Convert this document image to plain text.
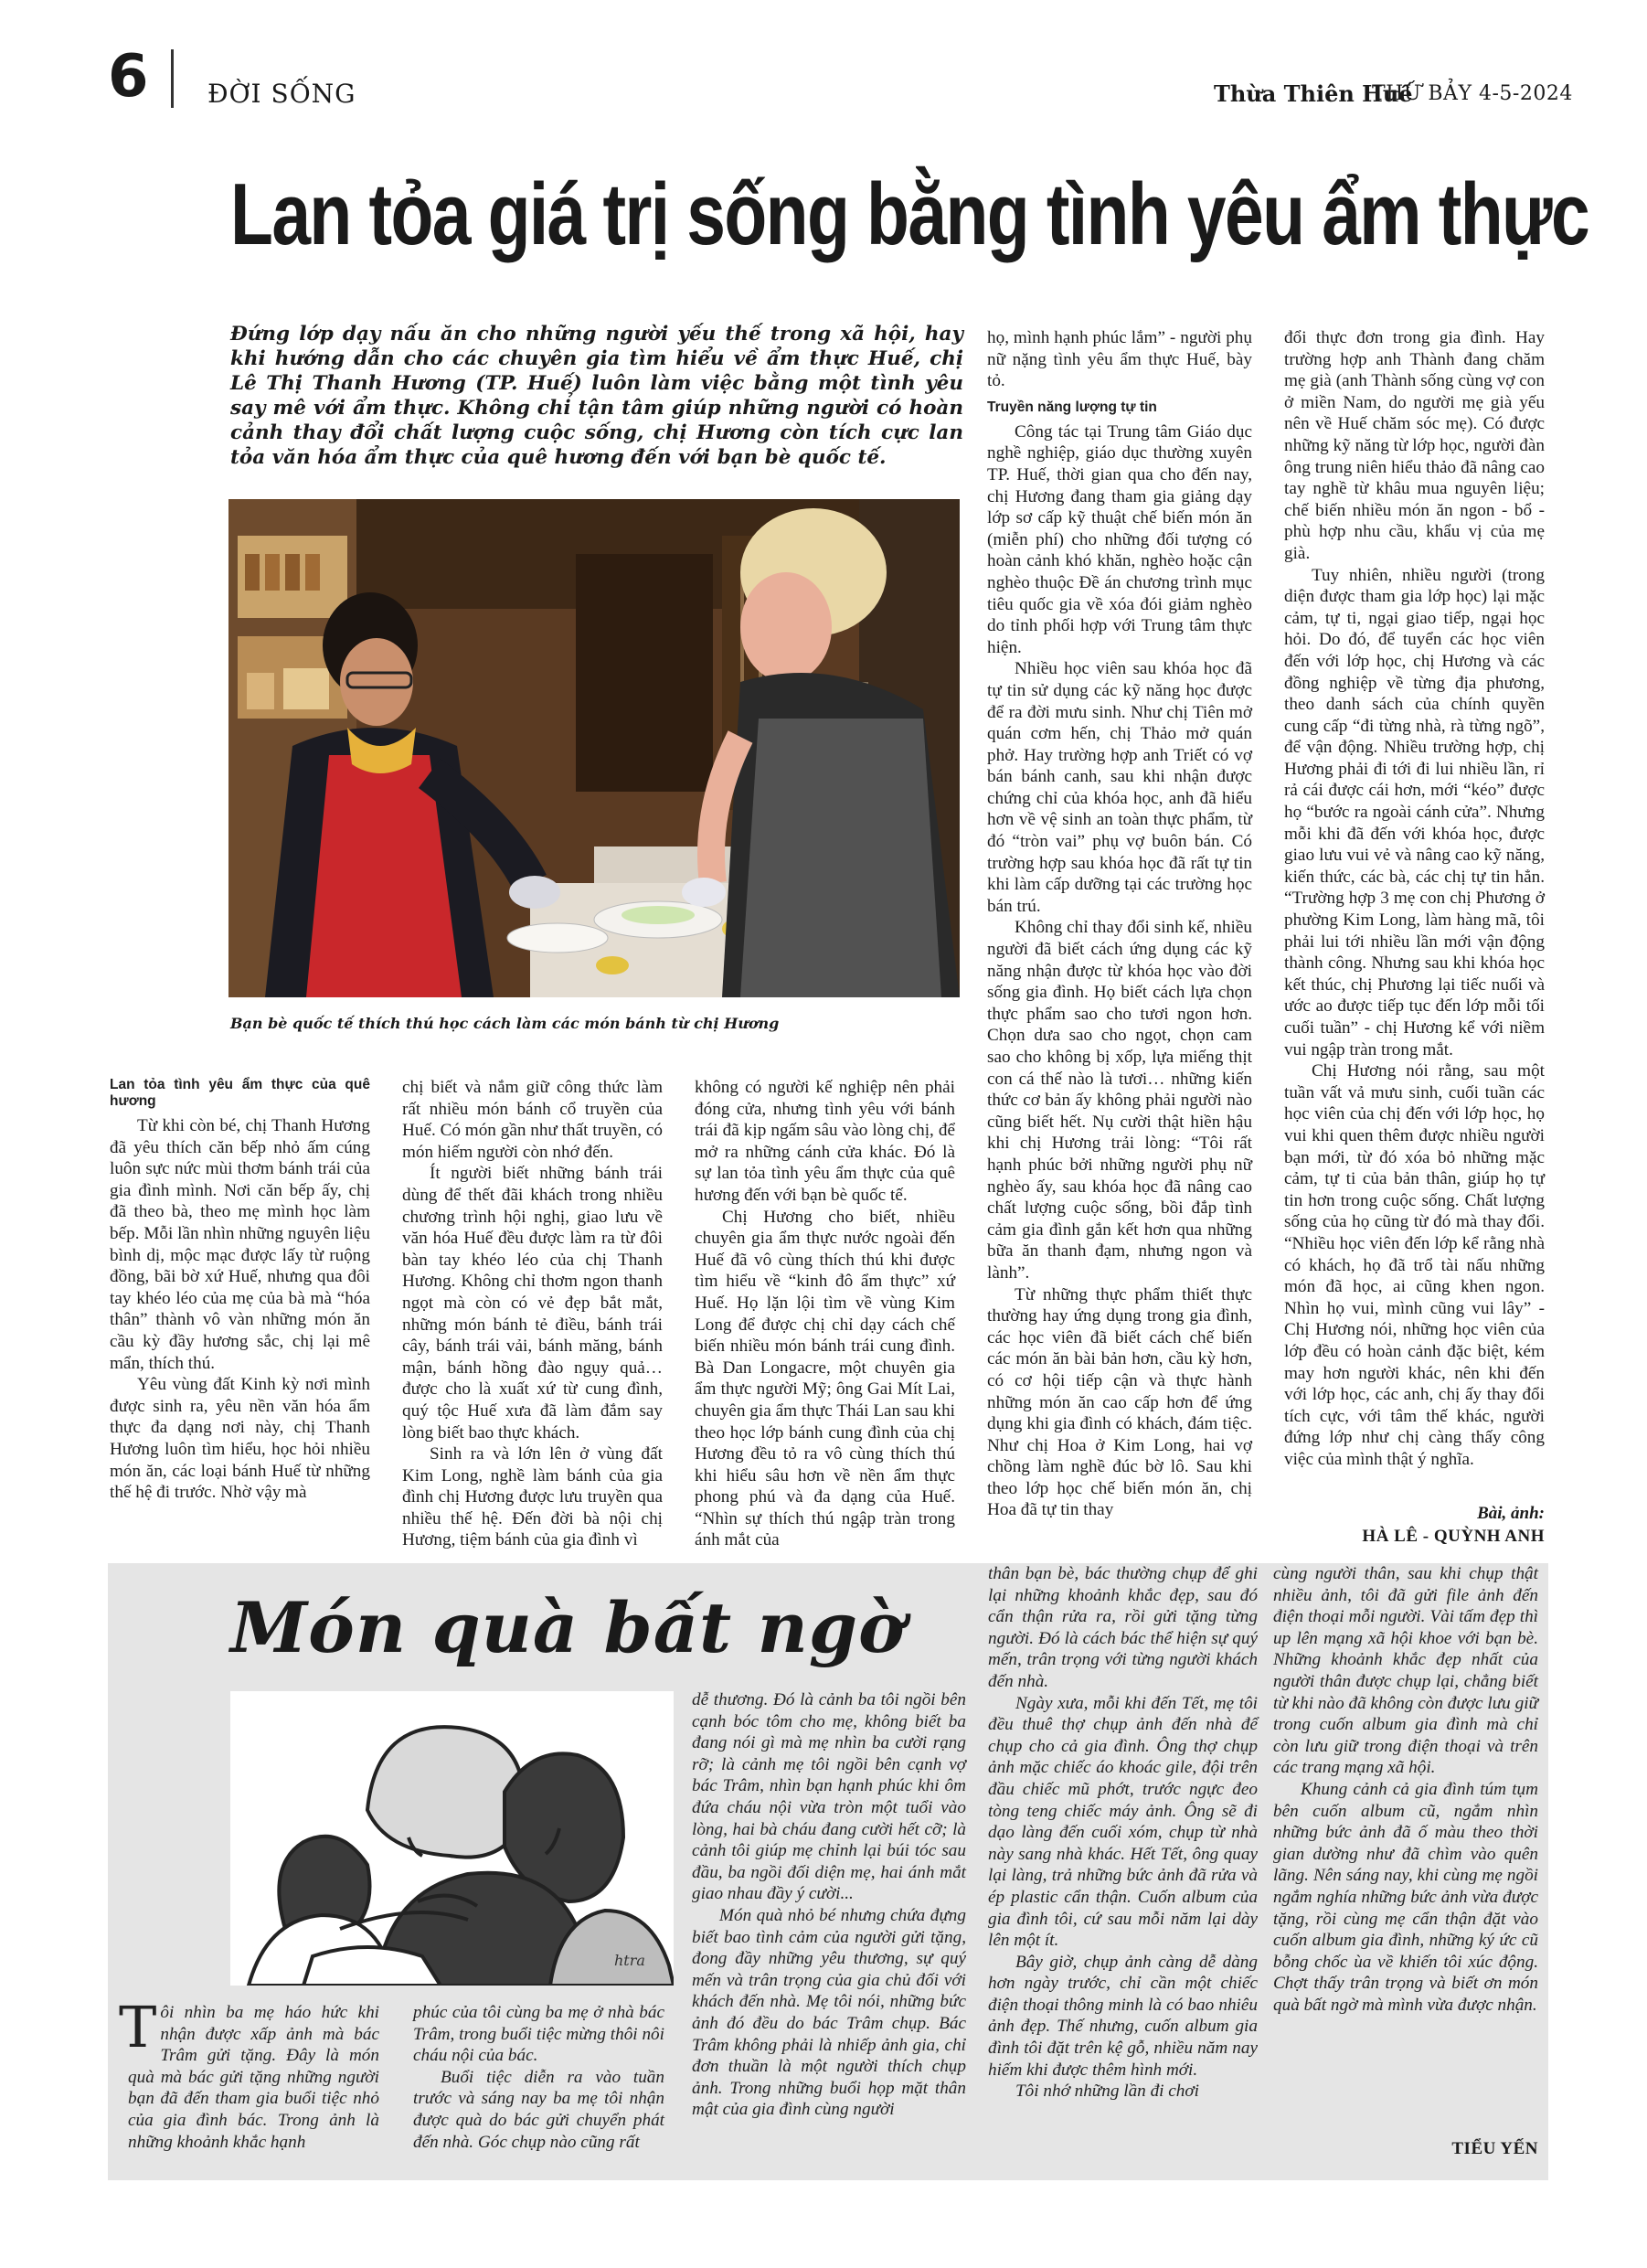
6 ĐỜI SỐNG	Thừa Thiên Huế
THỨ BẢY 4-5-2024
Lan tỏa giá trị sống bằng tình yêu ẩm thực
Đứng lớp dạy nấu ăn cho những người yếu thế trong xã hội, hay khi hướng dẫn cho các chuyên gia tìm hiểu về ẩm thực Huế, chị Lê Thị Thanh Hương (TP. Huế) luôn làm việc bằng một tình yêu say mê với ẩm thực. Không chỉ tận tâm giúp những người có hoàn cảnh thay đổi chất lượng cuộc sống, chị Hương còn tích cực lan tỏa văn hóa ẩm thực của quê hương đến với bạn bè quốc tế.
Bạn bè quốc tế thích thú học cách làm các món bánh từ chị Hương
Lan tỏa tình yêu ẩm thực của quê hương

Từ khi còn bé, chị Thanh Hương đã yêu thích căn bếp nhỏ ấm cúng luôn sực nức mùi thơm bánh trái của gia đình mình. Nơi căn bếp ấy, chị đã theo bà, theo mẹ mình học làm bếp. Mỗi lần nhìn những nguyên liệu bình dị, mộc mạc được lấy từ ruộng đồng, bãi bờ xứ Huế, nhưng qua đôi tay khéo léo của mẹ của bà mà “hóa thân” thành vô vàn những món ăn cầu kỳ đầy hương sắc, chị lại mê mẩn, thích thú.

Yêu vùng đất Kinh kỳ nơi mình được sinh ra, yêu nền văn hóa ẩm thực đa dạng nơi này, chị Thanh Hương luôn tìm hiểu, học hỏi nhiều món ăn, các loại bánh Huế từ những thế hệ đi trước. Nhờ vậy mà

chị biết và nắm giữ công thức làm rất nhiều món bánh cổ truyền của Huế. Có món gần như thất truyền, có món hiếm người còn nhớ đến.

Ít người biết những bánh trái dùng để thết đãi khách trong nhiều chương trình hội nghị, giao lưu về văn hóa Huế đều được làm ra từ đôi bàn tay khéo léo của chị Thanh Hương. Không chỉ thơm ngon thanh ngọt mà còn có vẻ đẹp bắt mắt, những món bánh tẻ điều, bánh trái cây, bánh trái vải, bánh măng, bánh mận, bánh hồng đào ngụy quả… được cho là xuất xứ từ cung đình, quý tộc Huế xưa đã làm đắm say lòng biết bao thực khách.

Sinh ra và lớn lên ở vùng đất Kim Long, nghề làm bánh của gia đình chị Hương được lưu truyền qua nhiều thế hệ. Đến đời bà nội chị Hương, tiệm bánh của gia đình vì

không có người kế nghiệp nên phải đóng cửa, nhưng tình yêu với bánh trái đã kịp ngấm sâu vào lòng chị, để mở ra những cánh cửa khác. Đó là sự lan tỏa tình yêu ẩm thực của quê hương đến với bạn bè quốc tế.

Chị Hương cho biết, nhiều chuyên gia ẩm thực nước ngoài đến Huế đã vô cùng thích thú khi được tìm hiểu về “kinh đô ẩm thực” xứ Huế. Họ lặn lội tìm về vùng Kim Long để được chị chỉ dạy cách chế biến nhiều món bánh trái cung đình. Bà Dan Longacre, một chuyên gia ẩm thực người Mỹ; ông Gai Mít Lai, chuyên gia ẩm thực Thái Lan sau khi theo học lớp bánh cung đình của chị Hương đều tỏ ra vô cùng thích thú khi hiểu sâu hơn về nền ẩm thực phong phú và đa dạng của Huế. “Nhìn sự thích thú ngập tràn trong ánh mắt của

họ, mình hạnh phúc lắm” - người phụ nữ nặng tình yêu ẩm thực Huế, bày tỏ.

Truyền năng lượng tự tin

Công tác tại Trung tâm Giáo dục nghề nghiệp, giáo dục thường xuyên TP. Huế, thời gian qua cho đến nay, chị Hương đang tham gia giảng dạy lớp sơ cấp kỹ thuật chế biến món ăn (miễn phí) cho những đối tượng có hoàn cảnh khó khăn, nghèo hoặc cận nghèo thuộc Đề án chương trình mục tiêu quốc gia về xóa đói giảm nghèo do tỉnh phối hợp với Trung tâm thực hiện.

Nhiều học viên sau khóa học đã tự tin sử dụng các kỹ năng học được để ra đời mưu sinh. Như chị Tiên mở quán cơm hến, chị Thảo mở quán phở. Hay trường hợp anh Triết có vợ bán bánh canh, sau khi nhận được chứng chỉ của khóa học, anh đã hiểu hơn về vệ sinh an toàn thực phẩm, từ đó “tròn vai” phụ vợ buôn bán. Có trường hợp sau khóa học đã rất tự tin khi làm cấp dưỡng tại các trường học bán trú.

Không chỉ thay đổi sinh kế, nhiều người đã biết cách ứng dụng các kỹ năng nhận được từ khóa học vào đời sống gia đình. Họ biết cách lựa chọn thực phẩm sao cho tươi ngon hơn. Chọn dưa sao cho ngọt, chọn cam sao cho không bị xốp, lựa miếng thịt con cá thế nào là tươi… những kiến thức cơ bản ấy không phải người nào cũng biết hết. Nụ cười thật hiền hậu khi chị Hương trải lòng: “Tôi rất hạnh phúc bởi những người phụ nữ nghèo ấy, sau khóa học đã nâng cao chất lượng cuộc sống, bồi đắp tình cảm gia đình gắn kết hơn qua những bữa ăn thanh đạm, nhưng ngon và lành”.

Từ những thực phẩm thiết thực thường hay ứng dụng trong gia đình, các học viên đã biết cách chế biến các món ăn bài bản hơn, cầu kỳ hơn, có cơ hội tiếp cận và thực hành những món ăn cao cấp hơn để ứng dụng khi gia đình có khách, đám tiệc. Như chị Hoa ở Kim Long, hai vợ chồng làm nghề đúc bờ lô. Sau khi theo lớp học chế biến món ăn, chị Hoa đã tự tin thay

đổi thực đơn trong gia đình. Hay trường hợp anh Thành đang chăm mẹ già (anh Thành sống cùng vợ con ở miền Nam, do người mẹ già yếu nên về Huế chăm sóc mẹ). Có được những kỹ năng từ lớp học, người đàn ông trung niên hiểu thảo đã nâng cao tay nghề từ khâu mua nguyên liệu; chế biến nhiều món ăn ngon - bổ - phù hợp nhu cầu, khẩu vị của mẹ già.

Tuy nhiên, nhiều người (trong diện được tham gia lớp học) lại mặc cảm, tự ti, ngại giao tiếp, ngại học hỏi. Do đó, để tuyển các học viên đến với lớp học, chị Hương và các đồng nghiệp về từng địa phương, theo danh sách của chính quyền cung cấp “đi từng nhà, rà từng ngõ”, để vận động. Nhiều trường hợp, chị Hương phải đi tới đi lui nhiều lần, rỉ rả cái được cái hơn, mới “kéo” được họ “bước ra ngoài cánh cửa”. Nhưng mỗi khi đã đến với khóa học, được giao lưu vui vẻ và nâng cao kỹ năng, kiến thức, các bà, các chị tự tin hẳn. “Trường hợp 3 mẹ con chị Phương ở phường Kim Long, làm hàng mã, tôi phải lui tới nhiều lần mới vận động thành công. Nhưng sau khi khóa học kết thúc, chị Phương lại tiếc nuối và ước ao được tiếp tục đến lớp mỗi tối cuối tuần” - chị Hương kể với niềm vui ngập tràn trong mắt.

Chị Hương nói rằng, sau một tuần vất vả mưu sinh, cuối tuần các học viên của chị đến với lớp học, họ vui khi quen thêm được nhiều người bạn mới, từ đó xóa bỏ những mặc cảm, tự ti của bản thân, giúp họ tự tin hơn trong cuộc sống. Chất lượng sống của họ cũng từ đó mà thay đổi. “Nhiều học viên đến lớp kể rằng nhà có khách, họ đã trổ tài nấu những món đã học, ai cũng khen ngon. Nhìn họ vui, mình cũng vui lây” - Chị Hương nói, những học viên của lớp đều có hoàn cảnh đặc biệt, kém may hơn người khác, nên khi đến với lớp học, các anh, chị ấy thay đổi tích cực, với tâm thế khác, người đứng lớp như chị càng thấy công việc của mình thật ý nghĩa.

Bài, ảnh:
HÀ LÊ - QUỲNH ANH
Món quà bất ngờ
htra

Tôi nhìn ba mẹ háo hức khi nhận được xấp ảnh mà bác Trâm gửi tặng. Đây là món quà mà bác gửi tặng những người bạn đã đến tham gia buổi tiệc nhỏ của gia đình bác. Trong ảnh là những khoảnh khắc hạnh

phúc của tôi cùng ba mẹ ở nhà bác Trâm, trong buổi tiệc mừng thôi nôi cháu nội của bác.

Buổi tiệc diễn ra vào tuần trước và sáng nay ba mẹ tôi nhận được quà do bác gửi chuyển phát đến nhà. Góc chụp nào cũng rất

dễ thương. Đó là cảnh ba tôi ngồi bên cạnh bóc tôm cho mẹ, không biết ba đang nói gì mà mẹ nhìn ba cười rạng rỡ; là cảnh mẹ tôi ngồi bên cạnh vợ bác Trâm, nhìn bạn hạnh phúc khi ôm đứa cháu nội vừa tròn một tuổi vào lòng, hai bà cháu đang cười hết cỡ; là cảnh tôi giúp mẹ chỉnh lại búi tóc sau đầu, ba ngồi đối diện mẹ, hai ánh mắt giao nhau đầy ý cười...

Món quà nhỏ bé nhưng chứa đựng biết bao tình cảm của người gửi tặng, đong đầy những yêu thương, sự quý mến và trân trọng của gia chủ đối với khách đến nhà. Mẹ tôi nói, những bức ảnh đó đều do bác Trâm chụp. Bác Trâm không phải là nhiếp ảnh gia, chỉ đơn thuần là một người thích chụp ảnh. Trong những buổi họp mặt thân mật của gia đình cùng người

thân bạn bè, bác thường chụp để ghi lại những khoảnh khắc đẹp, sau đó cẩn thận rửa ra, rồi gửi tặng từng người. Đó là cách bác thể hiện sự quý mến, trân trọng với từng người khách đến nhà.

Ngày xưa, mỗi khi đến Tết, mẹ tôi đều thuê thợ chụp ảnh đến nhà để chụp cho cả gia đình. Ông thợ chụp ảnh mặc chiếc áo khoác gile, đội trên đầu chiếc mũ phớt, trước ngực đeo tòng teng chiếc máy ảnh. Ông sẽ đi dạo làng đến cuối xóm, chụp từ nhà này sang nhà khác. Hết Tết, ông quay lại làng, trả những bức ảnh đã rửa và ép plastic cẩn thận. Cuốn album của gia đình tôi, cứ sau mỗi năm lại dày lên một ít.

Bây giờ, chụp ảnh càng dễ dàng hơn ngày trước, chỉ cần một chiếc điện thoại thông minh là có bao nhiêu ảnh đẹp. Thế nhưng, cuốn album gia đình tôi đặt trên kệ gỗ, nhiều năm nay hiếm khi được thêm hình mới.

Tôi nhớ những lần đi chơi

cùng người thân, sau khi chụp thật nhiều ảnh, tôi đã gửi file ảnh đến điện thoại mỗi người. Vài tấm đẹp thì up lên mạng xã hội khoe với bạn bè. Những khoảnh khắc đẹp nhất của người thân được chụp lại, chẳng biết từ khi nào đã không còn được lưu giữ trong cuốn album gia đình mà chỉ còn lưu giữ trong điện thoại và trên các trang mạng xã hội.

Khung cảnh cả gia đình túm tụm bên cuốn album cũ, ngắm nhìn những bức ảnh đã ố màu theo thời gian dường như đã chìm vào quên lãng. Nên sáng nay, khi cùng mẹ ngồi ngắm nghía những bức ảnh vừa được tặng, rồi cùng mẹ cẩn thận đặt vào cuốn album gia đình, những ký ức cũ bỗng chốc ùa về khiến tôi xúc động. Chợt thấy trân trọng và biết ơn món quà bất ngờ mà mình vừa được nhận.

TIỂU YẾN
